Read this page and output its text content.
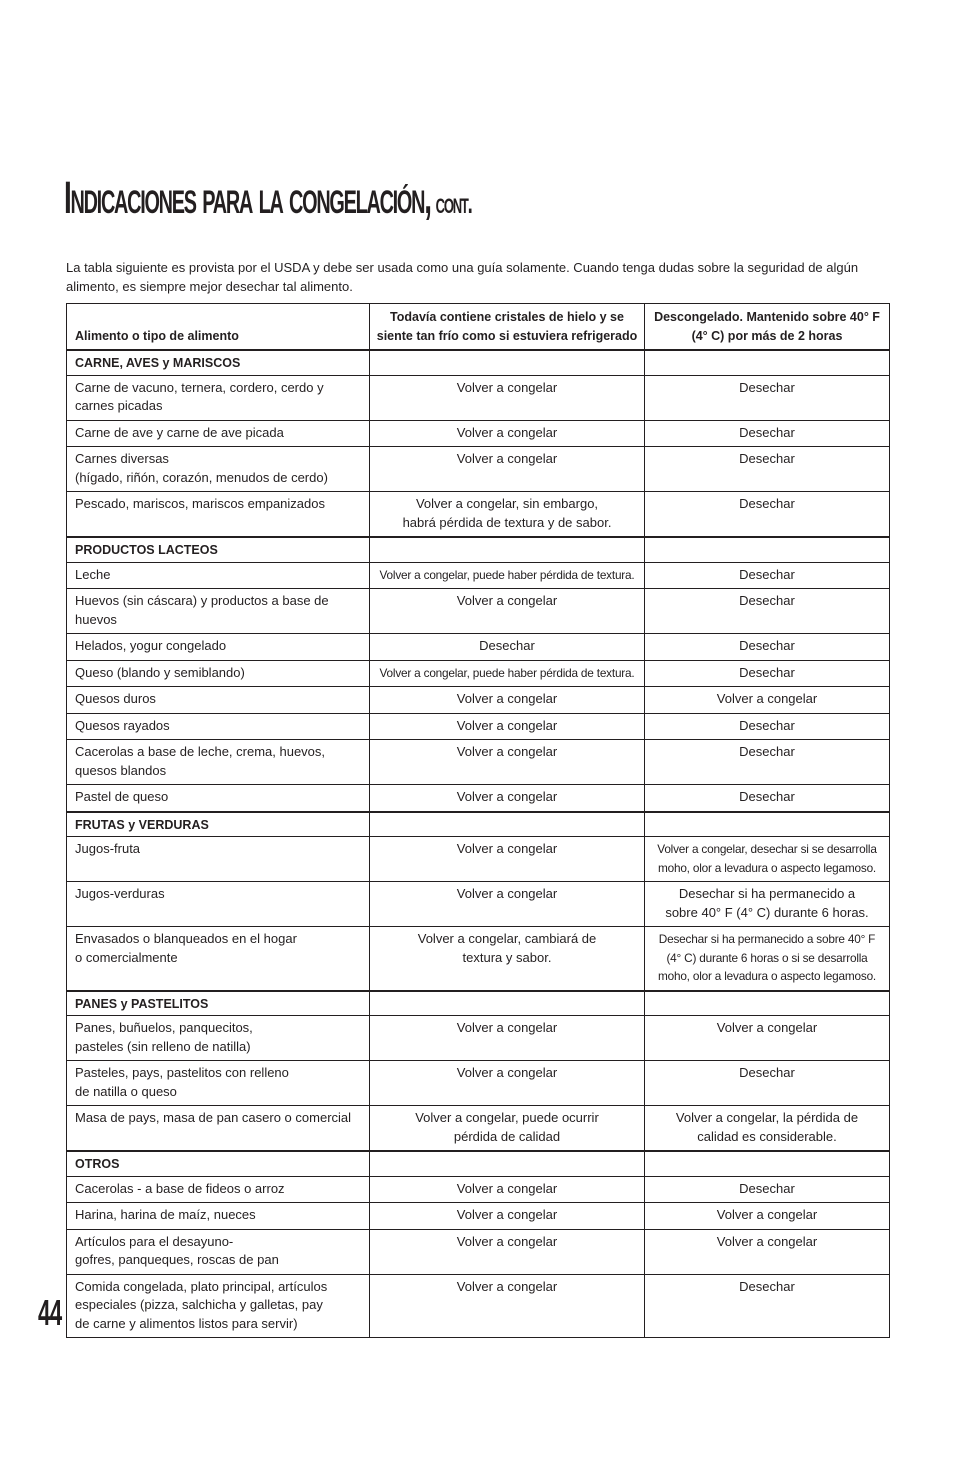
Indicaciones para la congelación, cont.

La tabla siguiente es provista por el USDA y debe ser usada como una guía solamente. Cuando tenga dudas sobre la seguridad de algún alimento, es siempre mejor desechar tal alimento.

Alimento o tipo de alimento	Todavía contiene cristales de hielo y se siente tan frío como si estuviera refrigerado	Descongelado. Mantenido sobre 40° F (4° C) por más de 2 horas
CARNE, AVES y MARISCOS		

Carne de vacuno, ternera, cordero, cerdo y
carnes picadas	Volver a congelar	Desechar

Carne de ave y carne de ave picada	Volver a congelar	Desechar

Carnes diversas
(hígado, riñón, corazón, menudos de cerdo)	Volver a congelar	Desechar

Pescado, mariscos, mariscos empanizados	Volver a congelar, sin embargo,
habrá pérdida de textura y de sabor.	Desechar

PRODUCTOS LACTEOS		

Leche	Volver a congelar, puede haber pérdida de textura.	Desechar

Huevos (sin cáscara) y productos a base de huevos	Volver a congelar	Desechar

Helados, yogur congelado	Desechar	Desechar

Queso (blando y semiblando)	Volver a congelar, puede haber pérdida de textura.	Desechar

Quesos duros	Volver a congelar	Volver a congelar

Quesos rayados	Volver a congelar	Desechar

Cacerolas a base de leche, crema, huevos,
quesos blandos	Volver a congelar	Desechar

Pastel de queso	Volver a congelar	Desechar

FRUTAS y VERDURAS		

Jugos-fruta	Volver a congelar	Volver a congelar, desechar si se desarrolla
moho, olor a levadura o aspecto legamoso.

Jugos-verduras	Volver a congelar	Desechar si ha permanecido a
sobre 40° F (4° C) durante 6 horas.

Envasados o blanqueados en el hogar
o comercialmente	Volver a congelar, cambiará de
textura y sabor.	Desechar si ha permanecido a sobre 40° F
(4° C) durante 6 horas o si se desarrolla
moho, olor a levadura o aspecto legamoso.

PANES y PASTELITOS		

Panes, buñuelos, panquecitos,
pasteles (sin relleno de natilla)	Volver a congelar	Volver a congelar

Pasteles, pays, pastelitos con relleno
de natilla o queso	Volver a congelar	Desechar

Masa de pays, masa de pan casero o comercial	Volver a congelar, puede ocurrir
pérdida de calidad	Volver a congelar, la pérdida de
calidad es considerable.

OTROS		

Cacerolas - a base de fideos o arroz	Volver a congelar	Desechar

Harina, harina de maíz, nueces	Volver a congelar	Volver a congelar

Artículos para el desayuno-
gofres, panqueques, roscas de pan	Volver a congelar	Volver a congelar

Comida congelada, plato principal, artículos
especiales (pizza, salchicha y galletas, pay
de carne y alimentos listos para servir)	Volver a congelar	Desechar

44
